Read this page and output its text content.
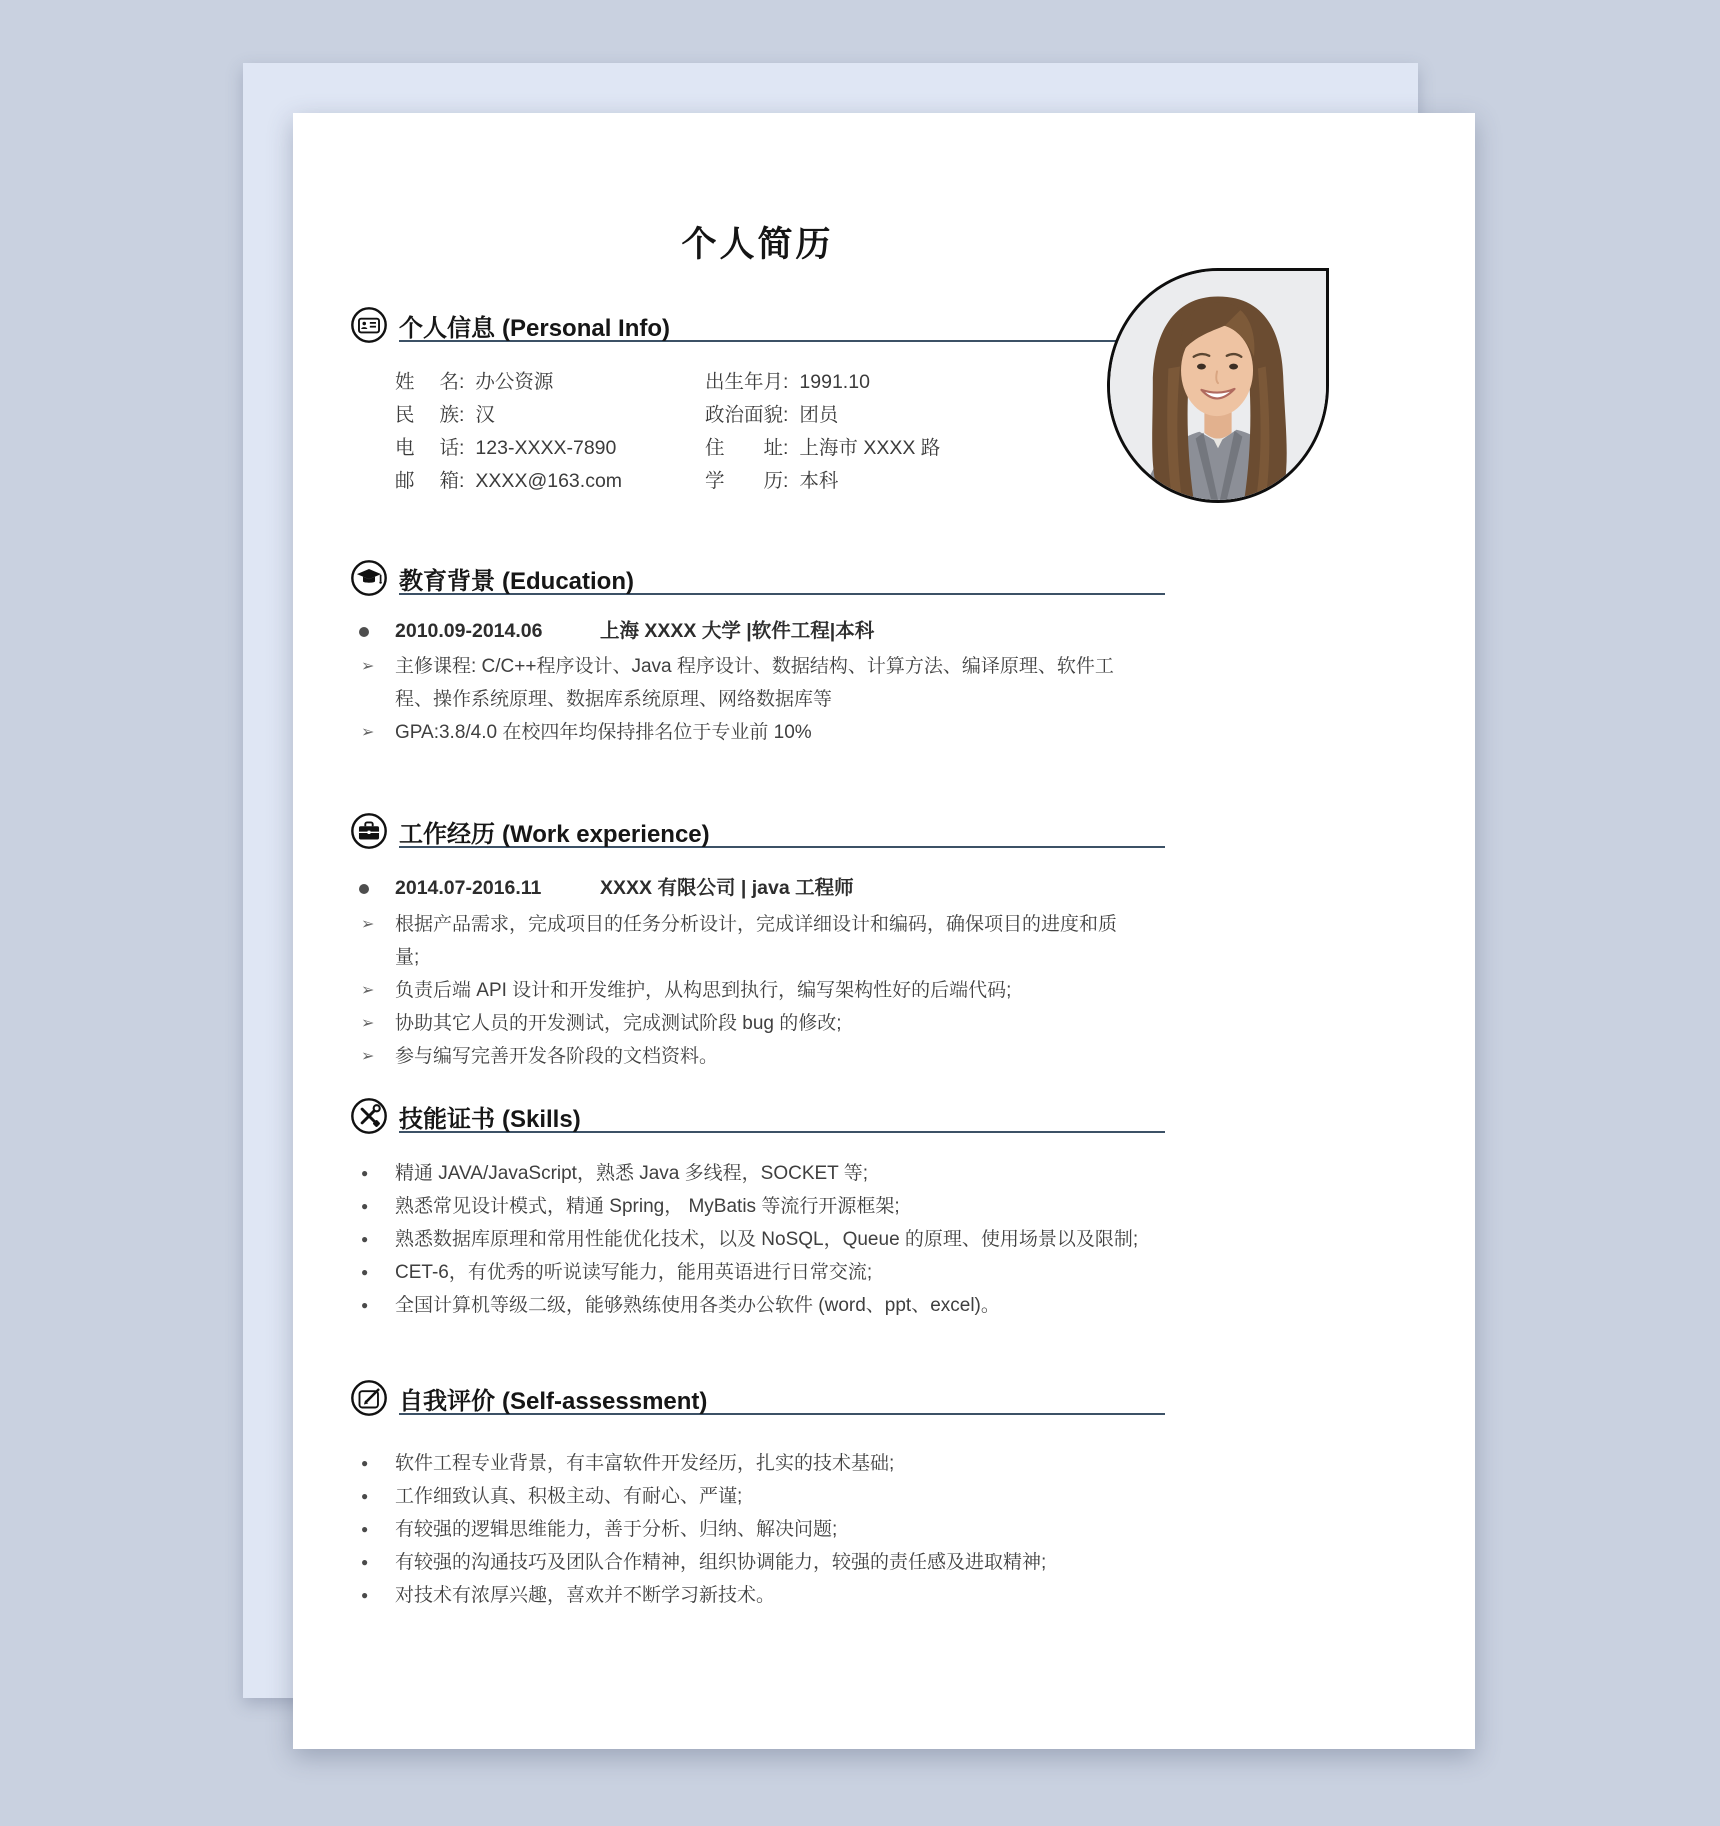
个人简历
个人信息 (Personal Info)
姓名: 办公资源
民族: 汉
电话: 123-XXXX-7890
邮箱: XXXX@163.com
出生年月: 1991.10
政治面貌: 团员
住址: 上海市 XXXX 路
学历: 本科
教育背景 (Education)
2010.09-2014.06	上海 XXXX 大学 |软件工程|本科
➢ 主修课程: C/C++程序设计、Java 程序设计、数据结构、计算方法、编译原理、软件工程、操作系统原理、数据库系统原理、网络数据库等
➢ GPA:3.8/4.0 在校四年均保持排名位于专业前 10%
工作经历 (Work experience)
2014.07-2016.11	XXXX 有限公司 | java 工程师
➢ 根据产品需求，完成项目的任务分析设计，完成详细设计和编码，确保项目的进度和质量;
➢ 负责后端 API 设计和开发维护，从构思到执行，编写架构性好的后端代码;
➢ 协助其它人员的开发测试，完成测试阶段 bug 的修改;
➢ 参与编写完善开发各阶段的文档资料。
技能证书 (Skills)
● 精通 JAVA/JavaScript，熟悉 Java 多线程，SOCKET 等;
● 熟悉常见设计模式，精通 Spring， MyBatis 等流行开源框架;
● 熟悉数据库原理和常用性能优化技术，以及 NoSQL，Queue 的原理、使用场景以及限制;
● CET-6，有优秀的听说读写能力，能用英语进行日常交流;
● 全国计算机等级二级，能够熟练使用各类办公软件 (word、ppt、excel)。
自我评价 (Self-assessment)
● 软件工程专业背景，有丰富软件开发经历，扎实的技术基础;
● 工作细致认真、积极主动、有耐心、严谨;
● 有较强的逻辑思维能力，善于分析、归纳、解决问题;
● 有较强的沟通技巧及团队合作精神，组织协调能力，较强的责任感及进取精神;
● 对技术有浓厚兴趣，喜欢并不断学习新技术。
